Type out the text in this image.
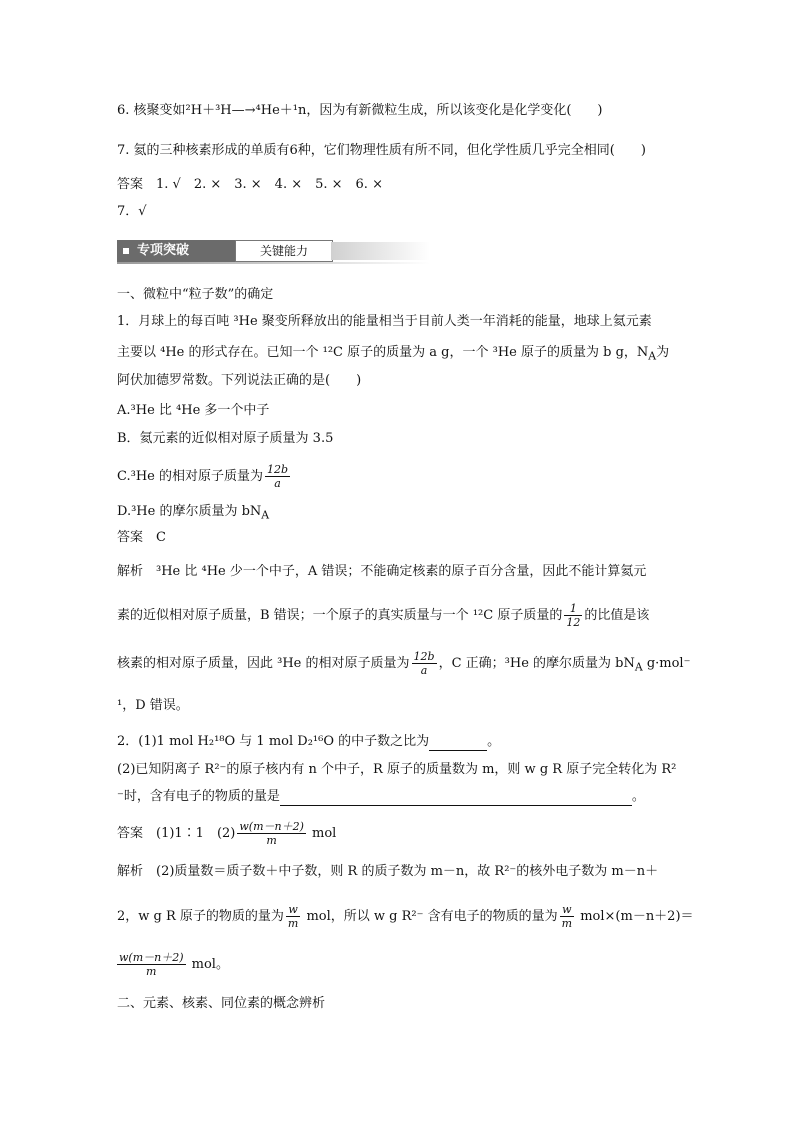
6. 核聚变如²H＋³H—→⁴He＋¹n，因为有新微粒生成，所以该变化是化学变化(　　)
7. 氦的三种核素形成的单质有6种，它们物理性质有所不同，但化学性质几乎完全相同(　　)
答案　1. √　2. ×　3. ×　4. ×　5. ×　6. ×
7．√
专项突破	关键能力
一、微粒中“粒子数”的确定
1．月球上的每百吨 ³He 聚变所释放出的能量相当于目前人类一年消耗的能量，地球上氦元素
主要以 ⁴He 的形式存在。已知一个 ¹²C 原子的质量为 a g，一个 ³He 原子的质量为 b g，$N_A$为
阿伏加德罗常数。下列说法正确的是(　　)
A.³He 比 ⁴He 多一个中子
B．氦元素的近似相对原子质量为 3.5
C.³He 的相对原子质量为 $\frac{12b}{a}$
D.³He 的摩尔质量为 $bN_A$
答案　C
解析　³He 比 ⁴He 少一个中子，A 错误；不能确定核素的原子百分含量，因此不能计算氦元
素的近似相对原子质量，B 错误；一个原子的真实质量与一个 ¹²C 原子质量的 $\frac{1}{12}$ 的比值是该
核素的相对原子质量，因此 ³He 的相对原子质量为 $\frac{12b}{a}$ ，C 正确；³He 的摩尔质量为 $bN_A$ g·mol⁻
¹，D 错误。
2．(1)1 mol H₂¹⁸O 与 1 mol D₂¹⁶O 的中子数之比为	。
(2)已知阴离子 R²⁻的原子核内有 n 个中子，R 原子的质量数为 m，则 w g R 原子完全转化为 R²
⁻时，含有电子的物质的量是	。
答案　(1)1∶1　$(2) \frac{w(m-n+2)}{m}$ mol
解析　(2)质量数＝质子数＋中子数，则 R 的质子数为 m－n，故 R²⁻的核外电子数为 m－n＋
2，w g R 原子的物质的量为 $\frac{w}{m}$ mol，所以 w g R²⁻ 含有电子的物质的量为 $\frac{w}{m} mol\times(m-n+2)=$
$\frac{w(m-n+2)}{m}$ mol。
二、元素、核素、同位素的概念辨析
